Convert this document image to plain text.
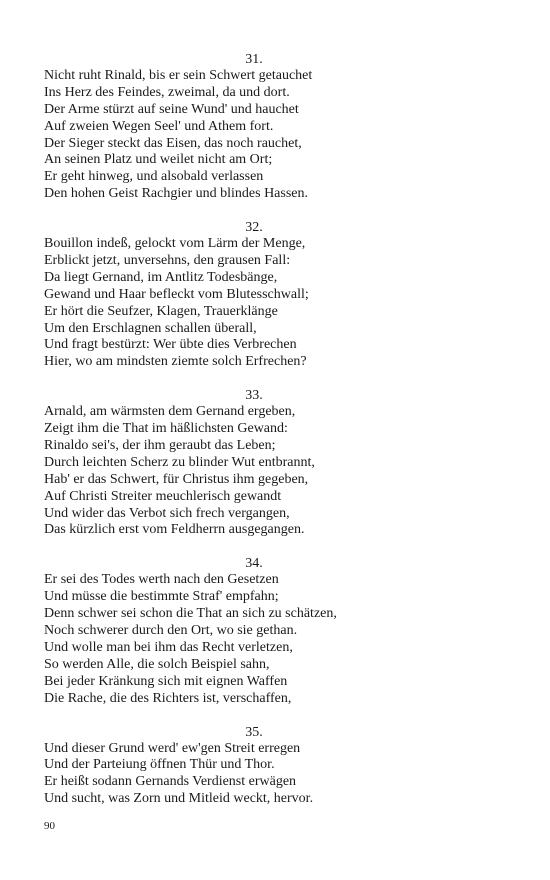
31.
Nicht ruht Rinald, bis er sein Schwert getauchet
Ins Herz des Feindes, zweimal, da und dort.
Der Arme stürzt auf seine Wund' und hauchet
Auf zweien Wegen Seel' und Athem fort.
Der Sieger steckt das Eisen, das noch rauchet,
An seinen Platz und weilet nicht am Ort;
Er geht hinweg, und alsobald verlassen
Den hohen Geist Rachgier und blindes Hassen.
32.
Bouillon indeß, gelockt vom Lärm der Menge,
Erblickt jetzt, unversehns, den grausen Fall:
Da liegt Gernand, im Antlitz Todesbänge,
Gewand und Haar befleckt vom Blutesschwall;
Er hört die Seufzer, Klagen, Trauerklänge
Um den Erschlagnen schallen überall,
Und fragt bestürzt: Wer übte dies Verbrechen
Hier, wo am mindsten ziemte solch Erfrechen?
33.
Arnald, am wärmsten dem Gernand ergeben,
Zeigt ihm die That im häßlichsten Gewand:
Rinaldo sei's, der ihm geraubt das Leben;
Durch leichten Scherz zu blinder Wut entbrannt,
Hab' er das Schwert, für Christus ihm gegeben,
Auf Christi Streiter meuchlerisch gewandt
Und wider das Verbot sich frech vergangen,
Das kürzlich erst vom Feldherrn ausgegangen.
34.
Er sei des Todes werth nach den Gesetzen
Und müsse die bestimmte Straf' empfahn;
Denn schwer sei schon die That an sich zu schätzen,
Noch schwerer durch den Ort, wo sie gethan.
Und wolle man bei ihm das Recht verletzen,
So werden Alle, die solch Beispiel sahn,
Bei jeder Kränkung sich mit eignen Waffen
Die Rache, die des Richters ist, verschaffen,
35.
Und dieser Grund werd' ew'gen Streit erregen
Und der Parteiung öffnen Thür und Thor.
Er heißt sodann Gernands Verdienst erwägen
Und sucht, was Zorn und Mitleid weckt, hervor.
90
